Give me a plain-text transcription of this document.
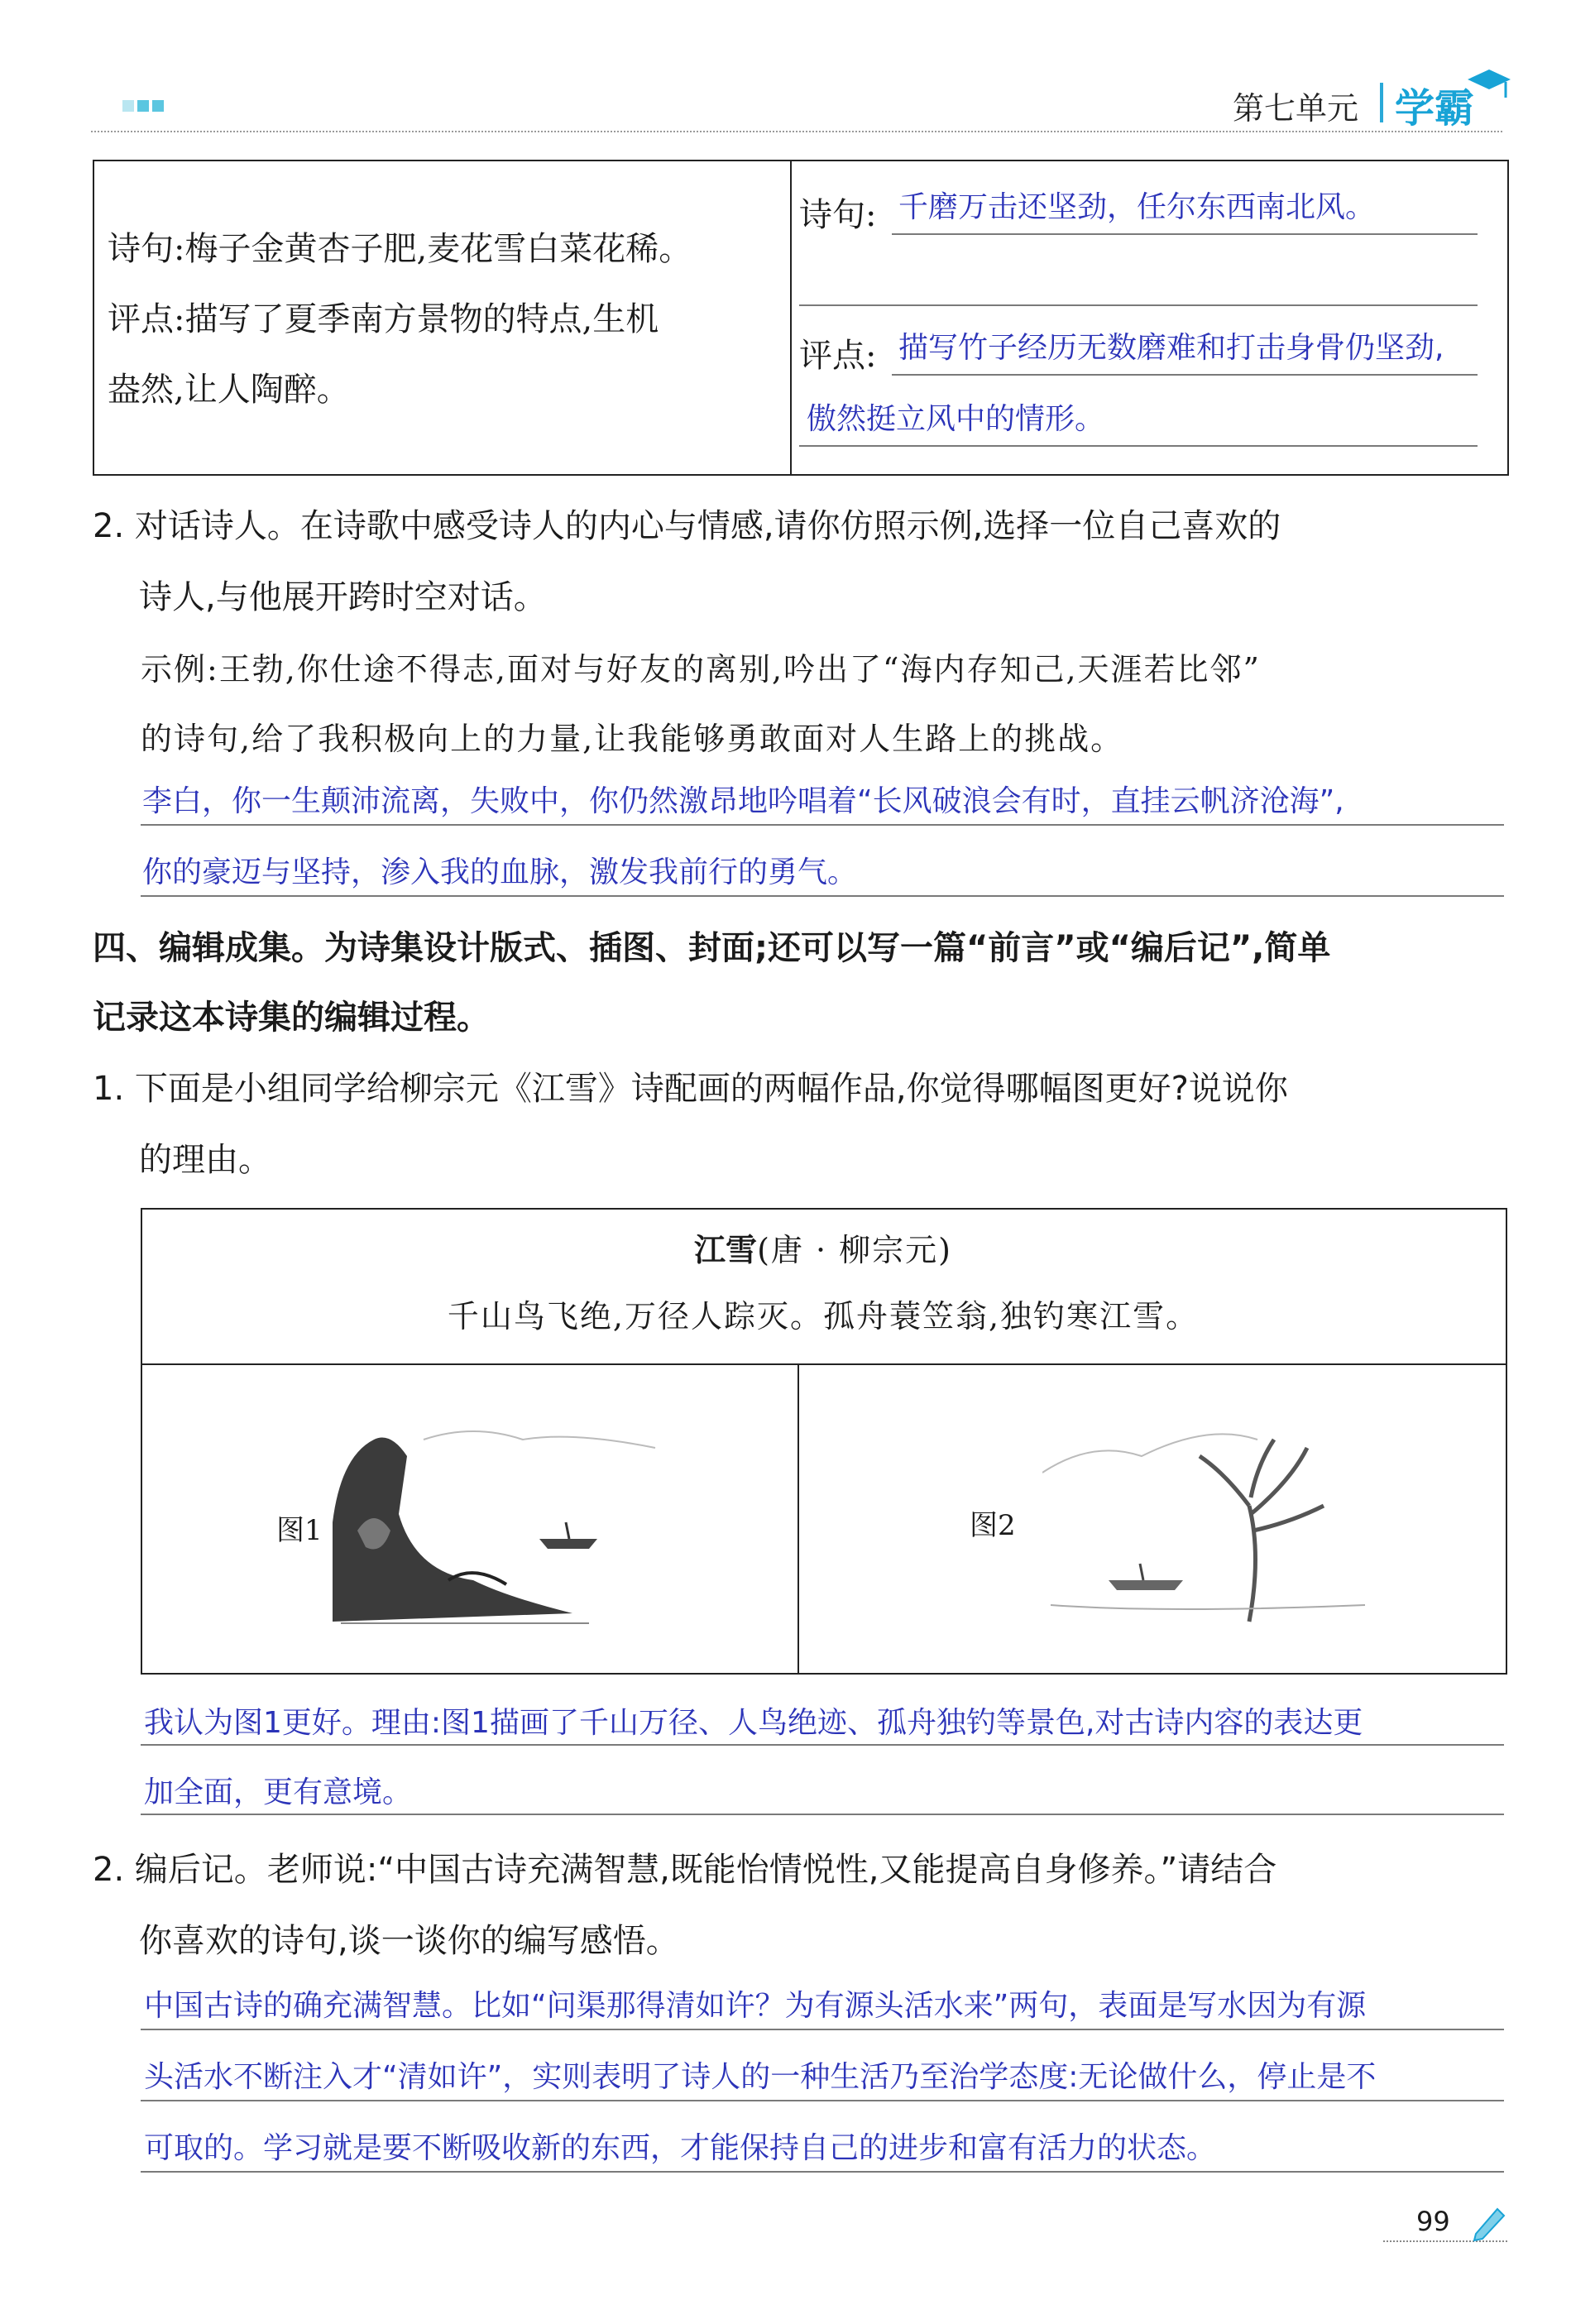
第七单元 学霸
诗句:梅子金黄杏子肥,麦花雪白菜花稀。
评点:描写了夏季南方景物的特点,生机
盎然,让人陶醉。
诗句: 千磨万击还坚劲，任尔东西南北风。
评点: 描写竹子经历无数磨难和打击身骨仍坚劲,
傲然挺立风中的情形。
2. 对话诗人。在诗歌中感受诗人的内心与情感,请你仿照示例,选择一位自己喜欢的
诗人,与他展开跨时空对话。
示例:王勃,你仕途不得志,面对与好友的离别,吟出了“海内存知己,天涯若比邻”
的诗句,给了我积极向上的力量,让我能够勇敢面对人生路上的挑战。
李白，你一生颠沛流离，失败中，你仍然激昂地吟唱着“长风破浪会有时，直挂云帆济沧海”,
你的豪迈与坚持，渗入我的血脉，激发我前行的勇气。
四、编辑成集。为诗集设计版式、插图、封面;还可以写一篇“前言”或“编后记”,简单
记录这本诗集的编辑过程。
1. 下面是小组同学给柳宗元《江雪》诗配画的两幅作品,你觉得哪幅图更好?说说你
的理由。
江雪(唐 · 柳宗元)
千山鸟飞绝,万径人踪灭。孤舟蓑笠翁,独钓寒江雪。
图1	图2
我认为图1更好。理由:图1描画了千山万径、人鸟绝迹、孤舟独钓等景色,对古诗内容的表达更
加全面，更有意境。
2. 编后记。老师说:“中国古诗充满智慧,既能怡情悦性,又能提高自身修养。”请结合
你喜欢的诗句,谈一谈你的编写感悟。
中国古诗的确充满智慧。比如“问渠那得清如许？为有源头活水来”两句，表面是写水因为有源
头活水不断注入才“清如许”，实则表明了诗人的一种生活乃至治学态度:无论做什么，停止是不
可取的。学习就是要不断吸收新的东西，才能保持自己的进步和富有活力的状态。
99
